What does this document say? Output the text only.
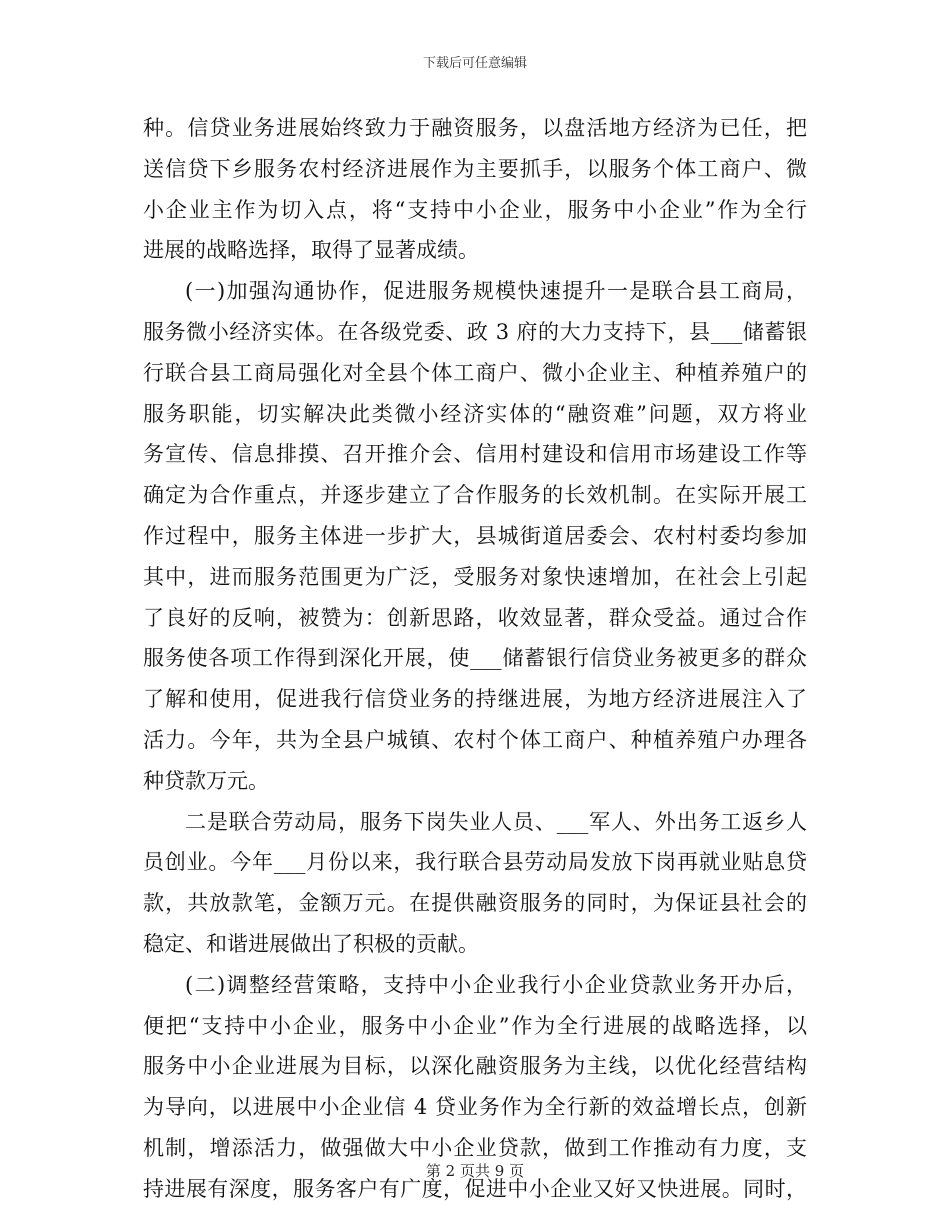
下载后可任意编辑
种。信贷业务进展始终致力于融资服务，以盘活地方经济为已任，把
送信贷下乡服务农村经济进展作为主要抓手，以服务个体工商户、微
小企业主作为切入点，将“支持中小企业，服务中小企业”作为全行
进展的战略选择，取得了显著成绩。
(一)加强沟通协作，促进服务规模快速提升一是联合县工商局，
服务微小经济实体。在各级党委、政 3 府的大力支持下，县___储蓄银
行联合县工商局强化对全县个体工商户、微小企业主、种植养殖户的
服务职能，切实解决此类微小经济实体的“融资难”问题，双方将业
务宣传、信息排摸、召开推介会、信用村建设和信用市场建设工作等
确定为合作重点，并逐步建立了合作服务的长效机制。在实际开展工
作过程中，服务主体进一步扩大，县城街道居委会、农村村委均参加
其中，进而服务范围更为广泛，受服务对象快速增加，在社会上引起
了良好的反响，被赞为：创新思路，收效显著，群众受益。通过合作
服务使各项工作得到深化开展，使___储蓄银行信贷业务被更多的群众
了解和使用，促进我行信贷业务的持继进展，为地方经济进展注入了
活力。今年，共为全县户城镇、农村个体工商户、种植养殖户办理各
种贷款万元。
二是联合劳动局，服务下岗失业人员、___军人、外出务工返乡人
员创业。今年___月份以来，我行联合县劳动局发放下岗再就业贴息贷
款，共放款笔，金额万元。在提供融资服务的同时，为保证县社会的
稳定、和谐进展做出了积极的贡献。
(二)调整经营策略，支持中小企业我行小企业贷款业务开办后，
便把“支持中小企业，服务中小企业”作为全行进展的战略选择，以
服务中小企业进展为目标，以深化融资服务为主线，以优化经营结构
为导向，以进展中小企业信 4 贷业务作为全行新的效益增长点，创新
机制，增添活力，做强做大中小企业贷款，做到工作推动有力度，支
持进展有深度，服务客户有广度，促进中小企业又好又快进展。同时，
第 2 页共 9 页
